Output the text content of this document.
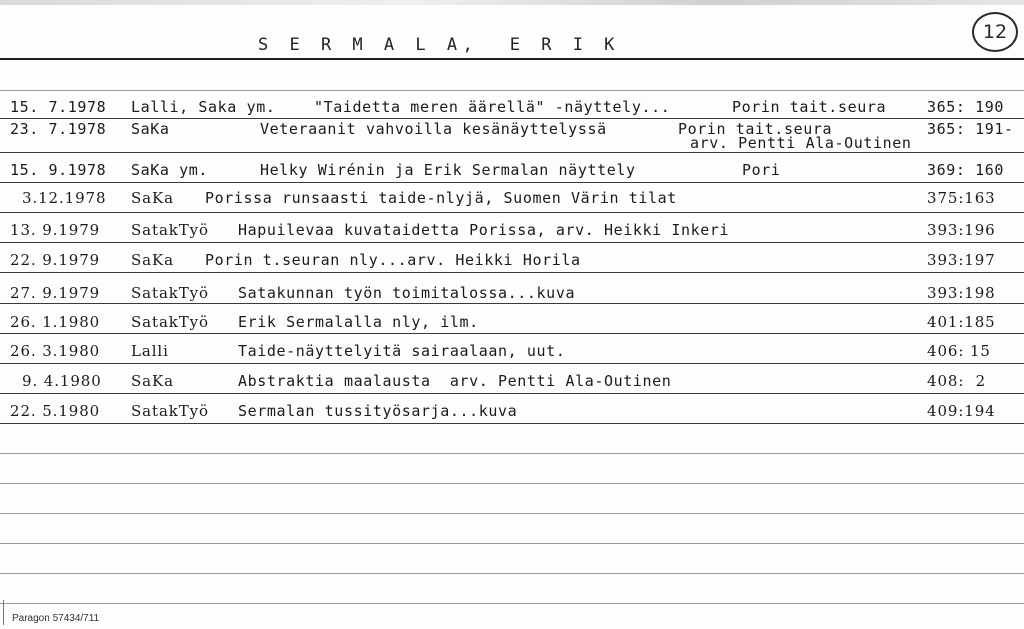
S E R M A L A,  E R I K
12
15. 7.1978 Lalli, Saka ym.	"Taidetta meren äärellä" -näyttely...	Porin tait.seura	365: 190
23. 7.1978 SaKa	Veteraanit vahvoilla kesänäyttelyssä	Porin tait.seura	365: 191-
arv. Pentti Ala-Outinen
15. 9.1978 SaKa ym.	Helky Wirénin ja Erik Sermalan näyttely	Pori	369: 160
3.12.1978 SaKa Porissa runsaasti taide-nlyjä, Suomen Värin tilat	375:163
13. 9.1979 SatakTyö Hapuilevaa kuvataidetta Porissa, arv. Heikki Inkeri	393:196
22. 9.1979 SaKa Porin t.seuran nly...arv. Heikki Horila	393:197
27. 9.1979 SatakTyö Satakunnan työn toimitalossa...kuva	393:198
26. 1.1980 SatakTyö Erik Sermalalla nly, ilm.	401:185
26. 3.1980 Lalli	Taide-näyttelyitä sairaalaan, uut.	406: 15
9. 4.1980 SaKa	Abstraktia maalausta  arv. Pentti Ala-Outinen	408:  2
22. 5.1980 SatakTyö Sermalan tussityösarja...kuva	409:194
Paragon 57434/711
